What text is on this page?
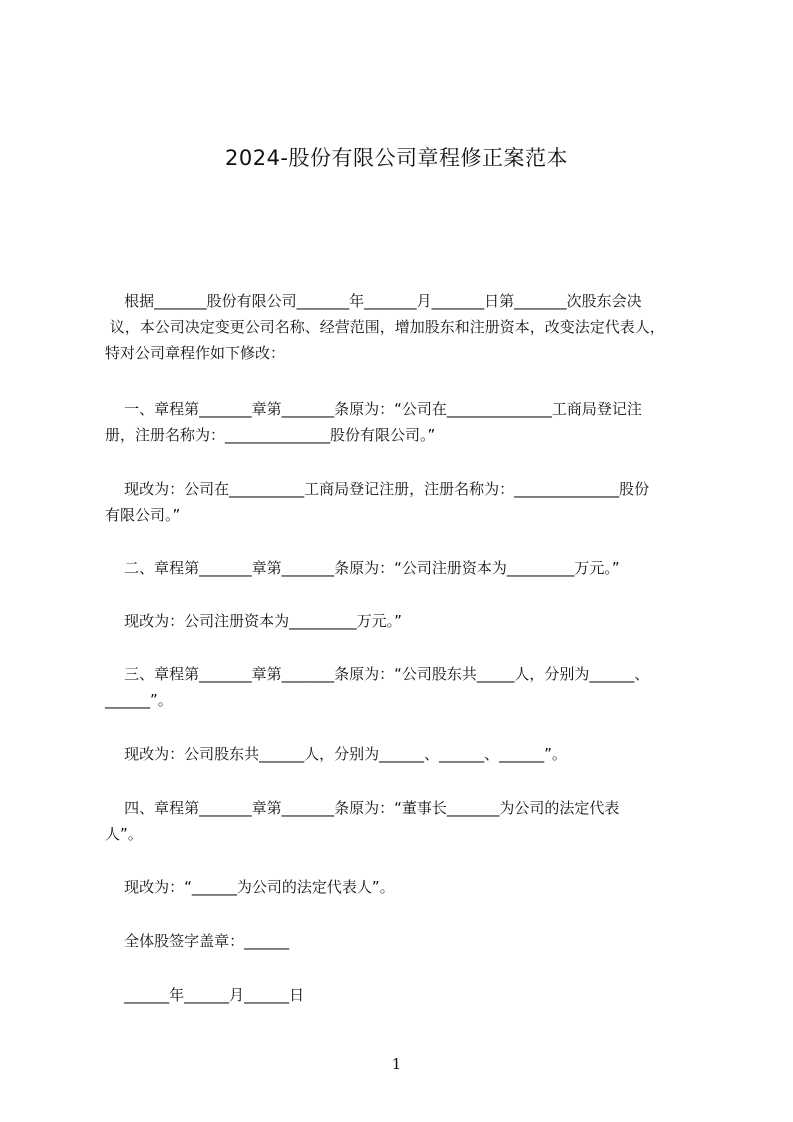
2024-股份有限公司章程修正案范本
根据_______股份有限公司_______年_______月_______日第_______次股东会决
议，本公司决定变更公司名称、经营范围，增加股东和注册资本，改变法定代表人，
特对公司章程作如下修改：
一、章程第_______章第_______条原为：“公司在______________工商局登记注
册，注册名称为：______________股份有限公司。”
现改为：公司在__________工商局登记注册，注册名称为：______________股份
有限公司。”
二、章程第_______章第_______条原为：“公司注册资本为_________万元。”
现改为：公司注册资本为_________万元。”
三、章程第_______章第_______条原为：“公司股东共_____人，分别为______、
______”。
现改为：公司股东共______人，分别为______、______、______”。
四、章程第_______章第_______条原为：“董事长_______为公司的法定代表
人”。
现改为：“______为公司的法定代表人”。
全体股签字盖章：______
______年______月______日
1
